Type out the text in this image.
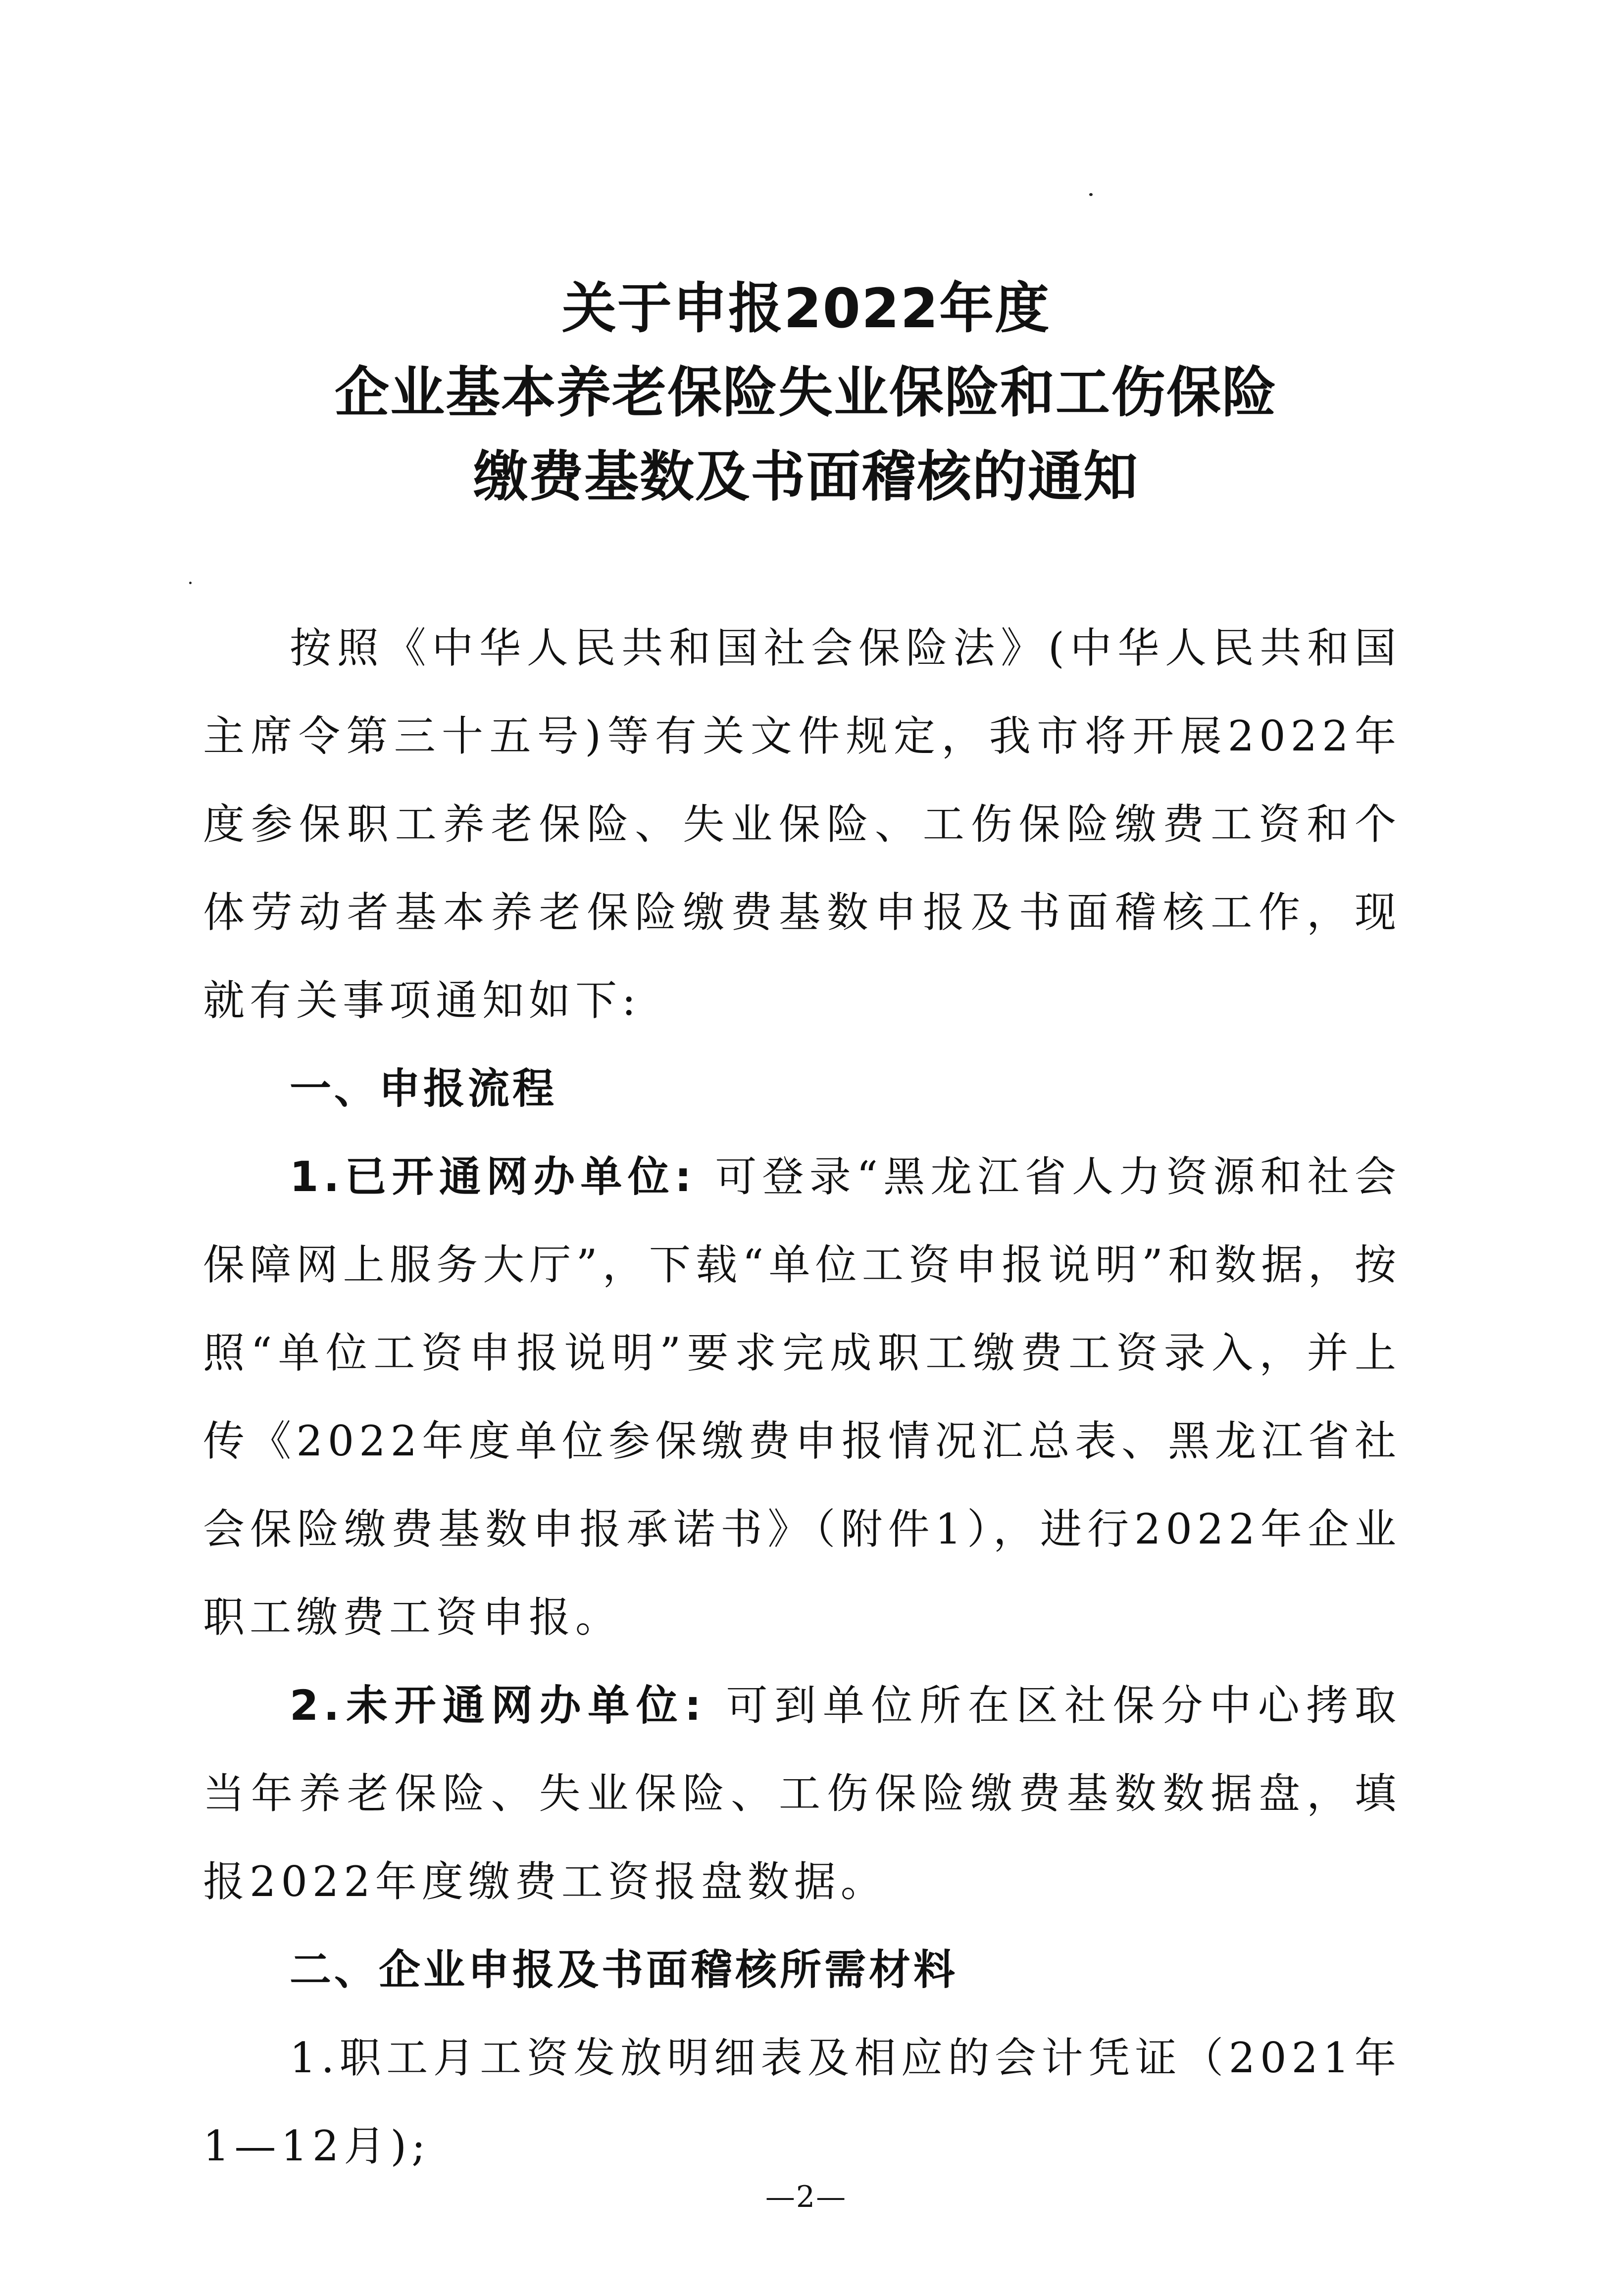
关于申报2022年度
企业基本养老保险失业保险和工伤保险
缴费基数及书面稽核的通知

按照《中华人民共和国社会保险法》(中华人民共和国主席令第三十五号)等有关文件规定，我市将开展2022年度参保职工养老保险、失业保险、工伤保险缴费工资和个体劳动者基本养老保险缴费基数申报及书面稽核工作，现就有关事项通知如下:

一、申报流程

1.已开通网办单位: 可登录“黑龙江省人力资源和社会保障网上服务大厅”，下载“单位工资申报说明”和数据，按照“单位工资申报说明”要求完成职工缴费工资录入，并上传《2022年度单位参保缴费申报情况汇总表、黑龙江省社会保险缴费基数申报承诺书》（附件1），进行2022年企业职工缴费工资申报。

2.未开通网办单位: 可到单位所在区社保分中心拷取当年养老保险、失业保险、工伤保险缴费基数数据盘，填报2022年度缴费工资报盘数据。

二、企业申报及书面稽核所需材料

1.职工月工资发放明细表及相应的会计凭证（2021年1—12月);

—2—
